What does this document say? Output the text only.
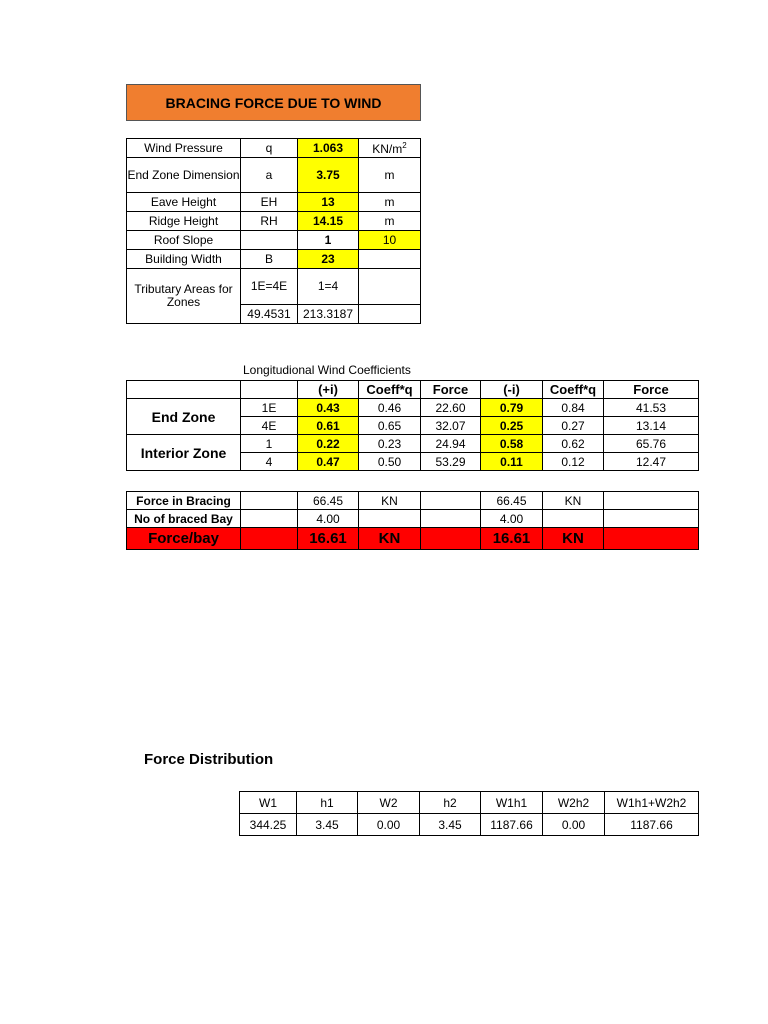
BRACING FORCE DUE TO WIND
Wind Pressure	q	1.063	$KN/m^2$
End Zone Dimension	a	3.75	m
Eave Height	EH	13	m
Ridge Height	RH	14.15	m
Roof Slope		1	10
Building Width	B	23	
Tributary Areas for Zones	1E=4E	1=4	
	49.4531	213.3187	
Longitudional Wind Coefficients
		(+i)	Coeff*q	Force	(-i)	Coeff*q	Force
End Zone	1E	0.43	0.46	22.60	0.79	0.84	41.53
	4E	0.61	0.65	32.07	0.25	0.27	13.14
Interior Zone	1	0.22	0.23	24.94	0.58	0.62	65.76
	4	0.47	0.50	53.29	0.11	0.12	12.47
Force in Bracing		66.45	KN		66.45	KN	
No of braced Bay		4.00			4.00		
Force/bay		16.61	KN		16.61	KN	
Force Distribution
W1	h1	W2	h2	W1h1	W2h2	W1h1+W2h2
344.25	3.45	0.00	3.45	1187.66	0.00	1187.66
